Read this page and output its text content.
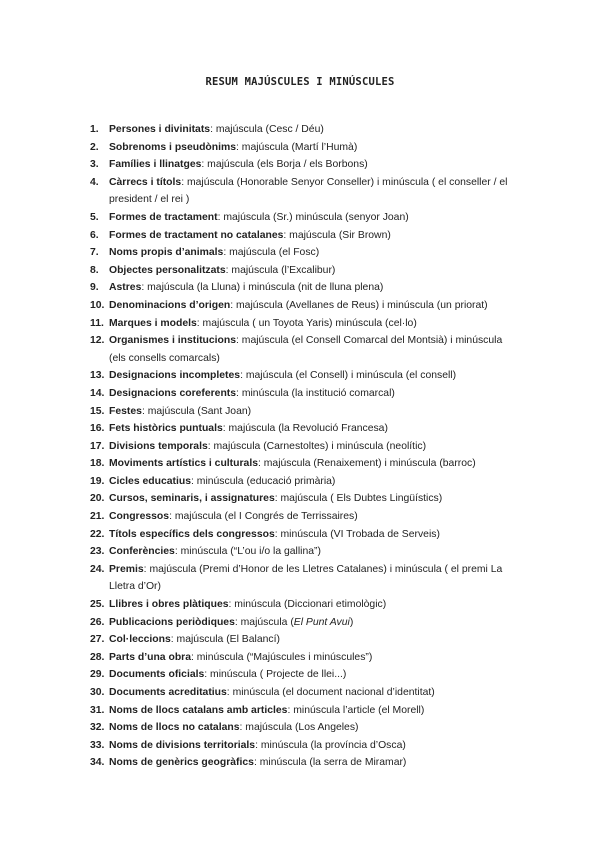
RESUM MAJÚSCULES I MINÚSCULES
1. Persones i divinitats: majúscula (Cesc / Déu)
2. Sobrenoms i pseudònims: majúscula (Martí l’Humà)
3. Famílies i llinatges: majúscula (els Borja / els Borbons)
4. Càrrecs i títols: majúscula (Honorable Senyor Conseller) i minúscula ( el conseller / el president / el rei )
5. Formes de tractament: majúscula (Sr.) minúscula (senyor Joan)
6. Formes de tractament no catalanes: majúscula (Sir Brown)
7. Noms propis d’animals: majúscula (el Fosc)
8. Objectes personalitzats: majúscula (l’Excalibur)
9. Astres: majúscula (la Lluna) i minúscula (nit de lluna plena)
10. Denominacions d’origen: majúscula (Avellanes de Reus) i minúscula (un priorat)
11. Marques i models: majúscula ( un Toyota Yaris) minúscula (cel·lo)
12. Organismes i institucions: majúscula (el Consell Comarcal del Montsià) i minúscula (els consells comarcals)
13. Designacions incompletes: majúscula (el Consell) i minúscula (el consell)
14. Designacions coreferents: minúscula (la institució comarcal)
15. Festes: majúscula (Sant Joan)
16. Fets històrics puntuals: majúscula (la Revolució Francesa)
17. Divisions temporals: majúscula (Carnestoltes) i minúscula (neolític)
18. Moviments artístics i culturals: majúscula (Renaixement) i minúscula (barroc)
19. Cicles educatius: minúscula (educació primària)
20. Cursos, seminaris, i assignatures: majúscula ( Els Dubtes Lingüístics)
21. Congressos: majúscula (el I Congrés de Terrissaires)
22. Títols específics dels congressos: minúscula (VI Trobada de Serveis)
23. Conferències: minúscula (“L’ou i/o la gallina”)
24. Premis: majúscula (Premi d’Honor de les Lletres Catalanes) i minúscula ( el premi La Lletra d’Or)
25. Llibres i obres plàtiques: minúscula (Diccionari etimològic)
26. Publicacions periòdiques: majúscula (El Punt Avui)
27. Col·leccions: majúscula (El Balancí)
28. Parts d’una obra: minúscula (“Majúscules i minúscules”)
29. Documents oficials: minúscula ( Projecte de llei...)
30. Documents acreditatius: minúscula (el document nacional d’identitat)
31. Noms de llocs catalans amb articles: minúscula l’article (el Morell)
32. Noms de llocs no catalans: majúscula (Los Angeles)
33. Noms de divisions territorials: minúscula (la província d’Osca)
34. Noms de genèrics geogràfics: minúscula (la serra de Miramar)
